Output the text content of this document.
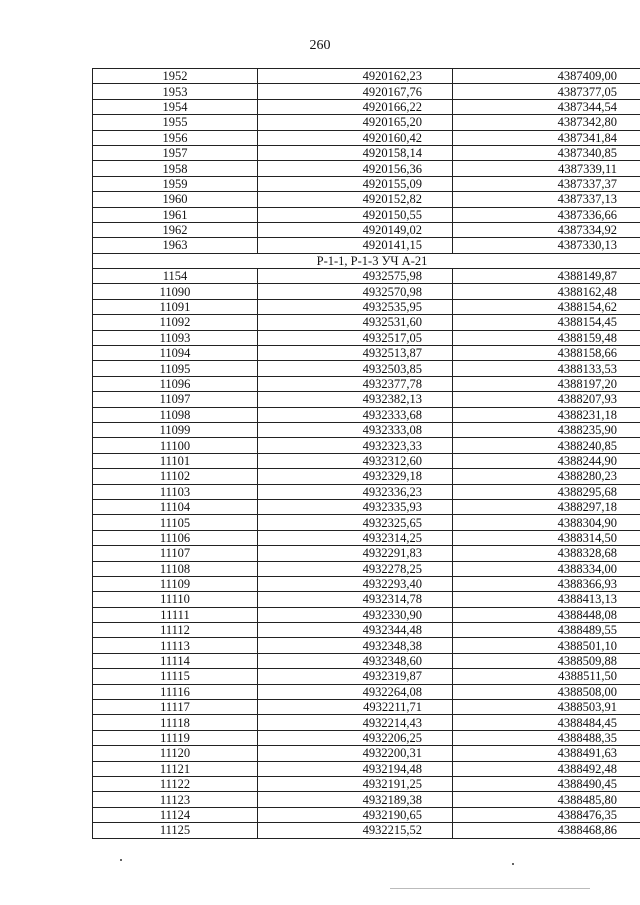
260
1952	4920162,23	4387409,00
1953	4920167,76	4387377,05
1954	4920166,22	4387344,54
1955	4920165,20	4387342,80
1956	4920160,42	4387341,84
1957	4920158,14	4387340,85
1958	4920156,36	4387339,11
1959	4920155,09	4387337,37
1960	4920152,82	4387337,13
1961	4920150,55	4387336,66
1962	4920149,02	4387334,92
1963	4920141,15	4387330,13
Р-1-1, Р-1-3 УЧ А-21		
1154	4932575,98	4388149,87
11090	4932570,98	4388162,48
11091	4932535,95	4388154,62
11092	4932531,60	4388154,45
11093	4932517,05	4388159,48
11094	4932513,87	4388158,66
11095	4932503,85	4388133,53
11096	4932377,78	4388197,20
11097	4932382,13	4388207,93
11098	4932333,68	4388231,18
11099	4932333,08	4388235,90
11100	4932323,33	4388240,85
11101	4932312,60	4388244,90
11102	4932329,18	4388280,23
11103	4932336,23	4388295,68
11104	4932335,93	4388297,18
11105	4932325,65	4388304,90
11106	4932314,25	4388314,50
11107	4932291,83	4388328,68
11108	4932278,25	4388334,00
11109	4932293,40	4388366,93
11110	4932314,78	4388413,13
11111	4932330,90	4388448,08
11112	4932344,48	4388489,55
11113	4932348,38	4388501,10
11114	4932348,60	4388509,88
11115	4932319,87	4388511,50
11116	4932264,08	4388508,00
11117	4932211,71	4388503,91
11118	4932214,43	4388484,45
11119	4932206,25	4388488,35
11120	4932200,31	4388491,63
11121	4932194,48	4388492,48
11122	4932191,25	4388490,45
11123	4932189,38	4388485,80
11124	4932190,65	4388476,35
11125	4932215,52	4388468,86
